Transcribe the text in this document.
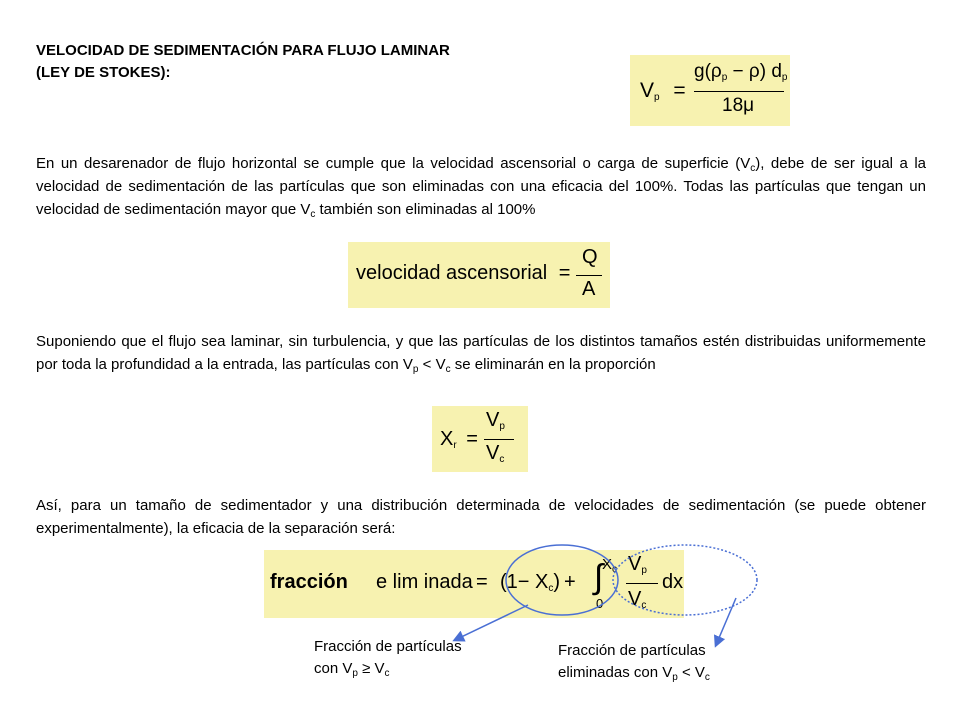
VELOCIDAD DE SEDIMENTACIÓN PARA FLUJO LAMINAR
(LEY DE STOKES):
$V_p$ =
$g(\rho_p - \rho)$ $d_p$
18μ
En un desarenador de flujo horizontal se cumple que la velocidad ascensorial o carga de superficie $(V_c)$, debe de ser igual a la velocidad de sedimentación de las partículas que son eliminadas con una eficacia del 100%. Todas las partículas que tengan un velocidad de sedimentación mayor que $V_c$ también son eliminadas al 100%
velocidad ascensorial =
Q
A
Suponiendo que el flujo sea laminar, sin turbulencia, y que las partículas de los distintos tamaños estén distribuidas uniformemente por toda la profundidad a la entrada, las partículas con $V_p < V_c$ se eliminarán en la proporción
$X_r$ =
$V_p$
$V_c$
Así, para un tamaño de sedimentador y una distribución determinada de velocidades de sedimentación (se puede obtener experimentalmente), la eficacia de la separación será:
fracción e lim inada = $(1- X_c)$ + ∫
$X_c$
0
$V_p$
$V_c$
dx
Fracción de partículas
con $V_p \ge V_c$
Fracción de partículas
eliminadas con $V_p < V_c$
